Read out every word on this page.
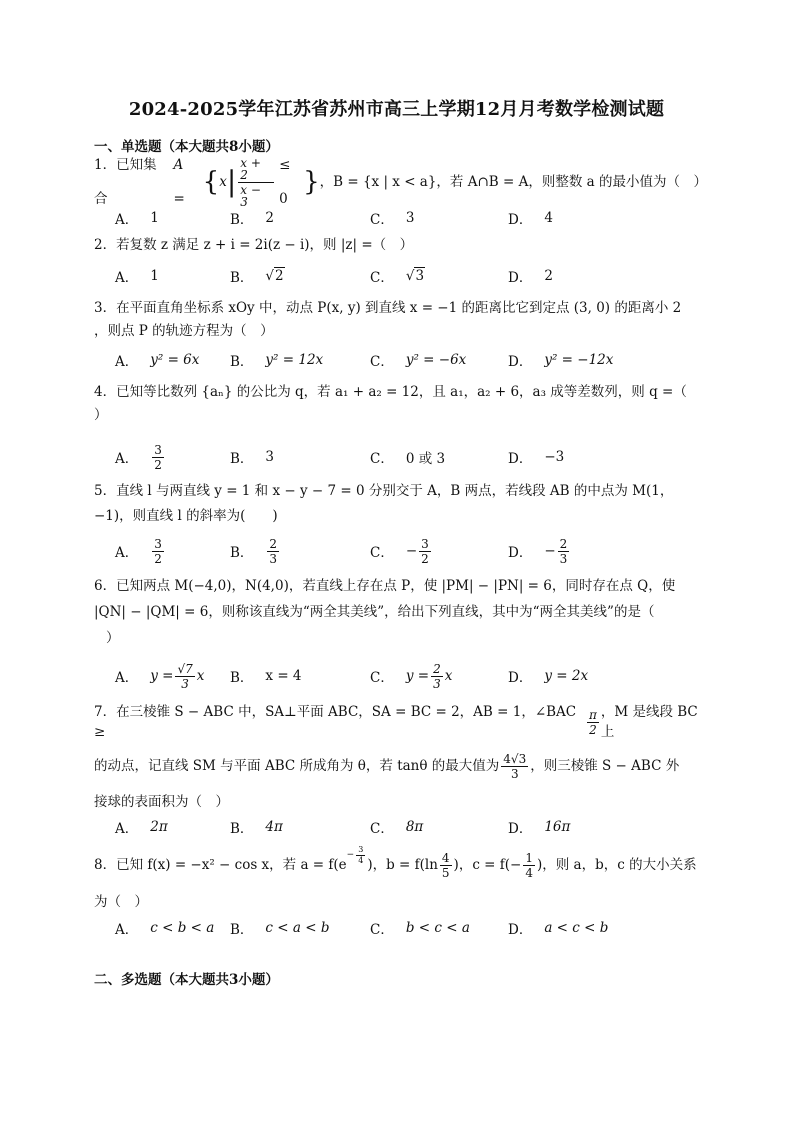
2024-2025学年江苏省苏州市高三上学期12月月考数学检测试题
一、单选题（本大题共8小题）
1．已知集合
A =
{ x | $\frac{x + 2}{x - 3} \le 0$
} ，B = {x | x < a}，若 A∩B = A，则整数 a 的最小值为（　）
A． 1	B． 2	C． 3	D． 4
2．若复数 z 满足 z + i = 2i(z − i)，则 |z| =（　）
A． 1	B． √2	C． √3	D． 2
3．在平面直角坐标系 xOy 中，动点 P(x, y) 到直线 x = −1 的距离比它到定点 (3, 0) 的距离小 2
，则点 P 的轨迹方程为（　）
A． y² = 6x B． y² = 12x	C． y² = −6x	D． y² = −12x
4．已知等比数列 {aₙ} 的公比为 q，若 a₁ + a₂ = 12，且 a₁，a₂ + 6，a₃ 成等差数列，则 q =（
）
A． $\frac{3}{2}$	B． 3	C． 0 或 3	D． −3
5．直线 l 与两直线 y = 1 和 x − y − 7 = 0 分别交于 A，B 两点，若线段 AB 的中点为 M(1，
−1)，则直线 l 的斜率为(　　)
A． $\frac{3}{2}$	B． $\frac{2}{3}$	C． − $\frac{3}{2}$	D． − $\frac{2}{3}$
6．已知两点 M(−4,0)，N(4,0)，若直线上存在点 P，使 |PM| − |PN| = 6，同时存在点 Q，使
|QN| − |QM| = 6，则称该直线为“两全其美线”，给出下列直线，其中为“两全其美线”的是（
）
A． $y = \frac{√7}{3}$ x B． x = 4	C． $y = \frac{2}{3}$ x	D． y = 2x
7．在三棱锥 S − ABC 中，SA⊥平面 ABC，SA = BC = 2，AB = 1，∠BAC ≥	$\frac{\pi}{2}$ ，M 是线段 BC 上
的动点，记直线 SM 与平面 ABC 所成角为 θ，若 tanθ 的最大值为 $\frac{4√3}{3}$ ，则三棱锥 S − ABC 外
接球的表面积为（　）
A． 2π	B． 4π	C． 8π	D． 16π
8．已知 f(x) = −x² − cos x，若 a = f(e
$^{- \frac{3}{4}}$
)，$b = f(\ln \frac{4}{5}$ )，$c = f(- \frac{1}{4}$ )，则 a，b，c 的大小关系
为（　）
A． c < b < a B． c < a < b	C． b < c < a	D． a < c < b
二、多选题（本大题共3小题）
